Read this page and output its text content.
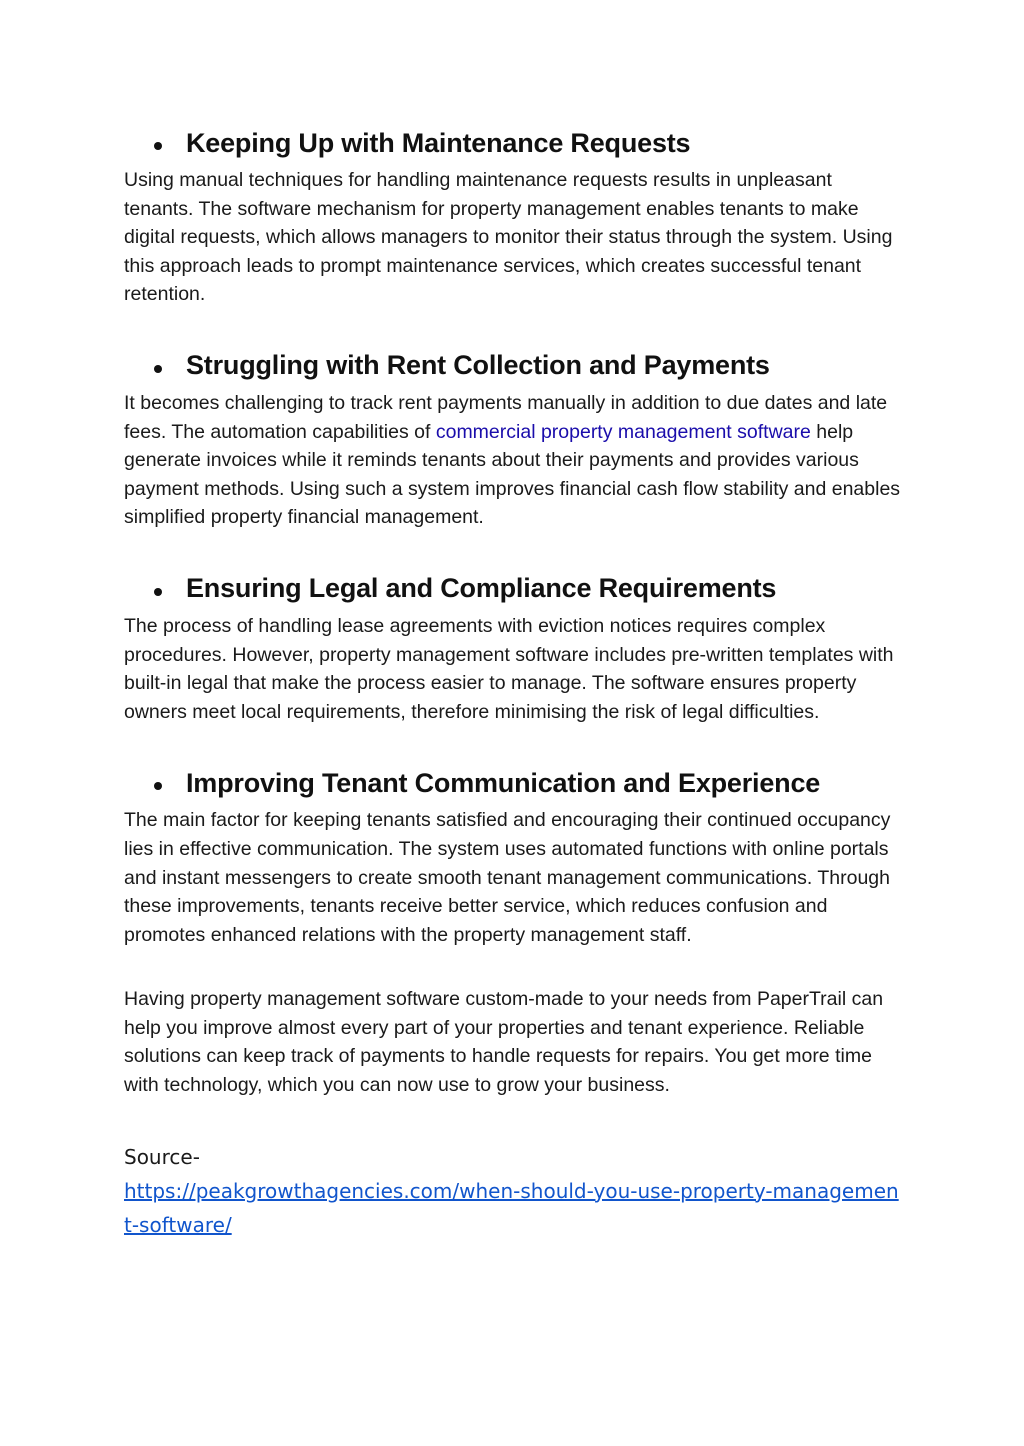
Keeping Up with Maintenance Requests

Using manual techniques for handling maintenance requests results in unpleasant tenants. The software mechanism for property management enables tenants to make digital requests, which allows managers to monitor their status through the system. Using this approach leads to prompt maintenance services, which creates successful tenant retention.

Struggling with Rent Collection and Payments

It becomes challenging to track rent payments manually in addition to due dates and late fees. The automation capabilities of commercial property management software help generate invoices while it reminds tenants about their payments and provides various payment methods. Using such a system improves financial cash flow stability and enables simplified property financial management.

Ensuring Legal and Compliance Requirements

The process of handling lease agreements with eviction notices requires complex procedures. However, property management software includes pre-written templates with built-in legal that make the process easier to manage. The software ensures property owners meet local requirements, therefore minimising the risk of legal difficulties.

Improving Tenant Communication and Experience

The main factor for keeping tenants satisfied and encouraging their continued occupancy lies in effective communication. The system uses automated functions with online portals and instant messengers to create smooth tenant management communications. Through these improvements, tenants receive better service, which reduces confusion and promotes enhanced relations with the property management staff.

Having property management software custom-made to your needs from PaperTrail can help you improve almost every part of your properties and tenant experience. Reliable solutions can keep track of payments to handle requests for repairs. You get more time with technology, which you can now use to grow your business.

Source-
https://peakgrowthagencies.com/when-should-you-use-property-management-software/
